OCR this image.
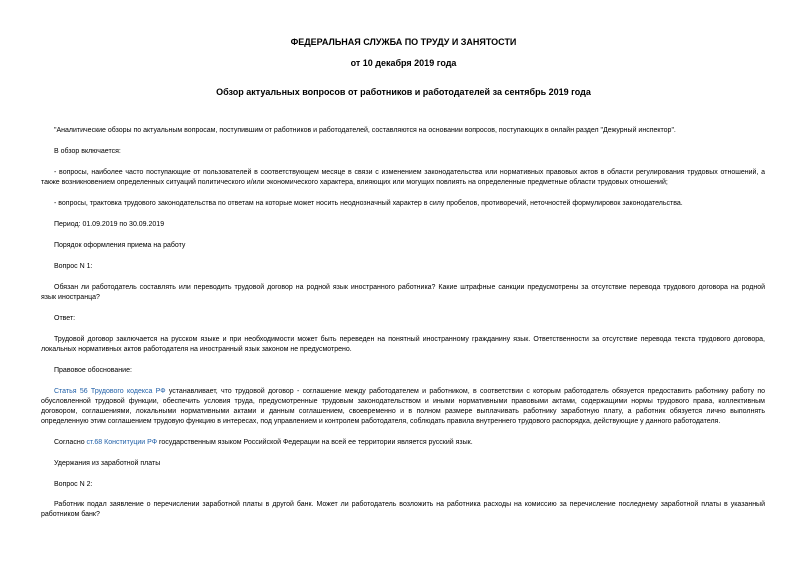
ФЕДЕРАЛЬНАЯ СЛУЖБА ПО ТРУДУ И ЗАНЯТОСТИ
от 10 декабря 2019 года
Обзор актуальных вопросов от работников и работодателей за сентябрь 2019 года
"Аналитические обзоры по актуальным вопросам, поступившим от работников и работодателей, составляются на основании вопросов, поступающих в онлайн раздел "Дежурный инспектор".
В обзор включается:
- вопросы, наиболее часто поступающие от пользователей в соответствующем месяце в связи с изменением законодательства или нормативных правовых актов в области регулирования трудовых отношений, а
также возникновением определенных ситуаций политического и/или экономического характера, влияющих или могущих повлиять на определенные предметные области трудовых отношений;
- вопросы, трактовка трудового законодательства по ответам на которые может носить неоднозначный характер в силу пробелов, противоречий, неточностей формулировок законодательства.
Период: 01.09.2019 по 30.09.2019
Порядок оформления приема на работу
Вопрос N 1:
Обязан ли работодатель составлять или переводить трудовой договор на родной язык иностранного работника? Какие штрафные санкции предусмотрены за отсутствие перевода трудового договора на родной
язык иностранца?
Ответ:
Трудовой договор заключается на русском языке и при необходимости может быть переведен на понятный иностранному гражданину язык. Ответственности за отсутствие перевода текста трудового договора,
локальных нормативных актов работодателя на иностранный язык законом не предусмотрено.
Правовое обоснование:
Статья 56 Трудового кодекса РФ устанавливает, что трудовой договор - соглашение между работодателем и работником, в соответствии с которым работодатель обязуется предоставить работнику работу по
обусловленной трудовой функции, обеспечить условия труда, предусмотренные трудовым законодательством и иными нормативными правовыми актами, содержащими нормы трудового права, коллективным
договором, соглашениями, локальными нормативными актами и данным соглашением, своевременно и в полном размере выплачивать работнику заработную плату, а работник обязуется лично выполнять
определенную этим соглашением трудовую функцию в интересах, под управлением и контролем работодателя, соблюдать правила внутреннего трудового распорядка, действующие у данного работодателя.
Согласно ст.68 Конституции РФ государственным языком Российской Федерации на всей ее территории является русский язык.
Удержания из заработной платы
Вопрос N 2:
Работник подал заявление о перечислении заработной платы в другой банк. Может ли работодатель возложить на работника расходы на комиссию за перечисление последнему заработной платы в указанный
работником банк?
